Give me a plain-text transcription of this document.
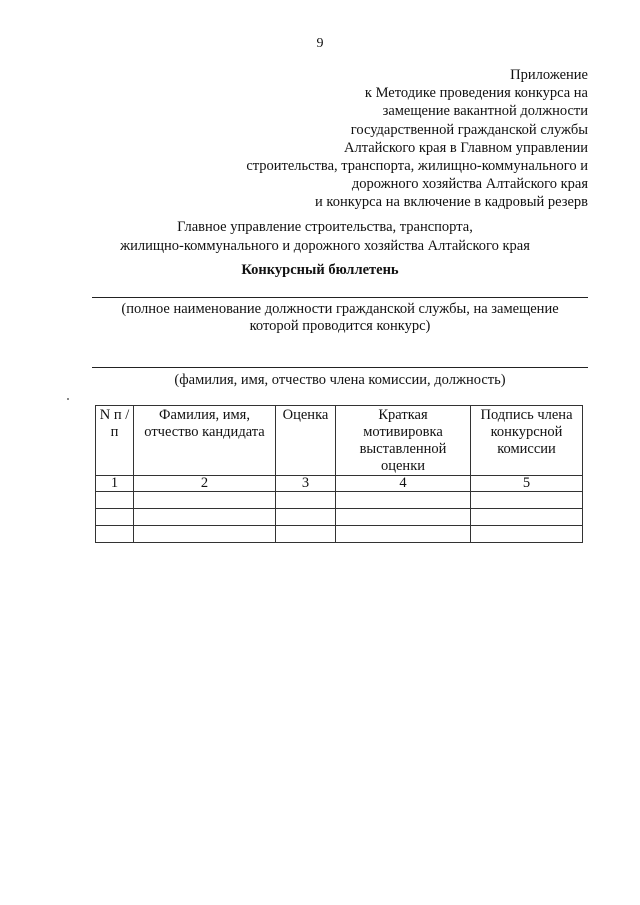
9
Приложение
к Методике проведения конкурса на
замещение вакантной должности
государственной гражданской службы
Алтайского края в Главном управлении
строительства, транспорта, жилищно-коммунального и
дорожного хозяйства Алтайского края
и конкурса на включение в кадровый резерв
Главное управление строительства, транспорта,
жилищно-коммунального и дорожного хозяйства Алтайского края
Конкурсный бюллетень
(полное наименование должности гражданской службы, на замещение
которой проводится конкурс)
(фамилия, имя, отчество члена комиссии, должность)
N п /п	Фамилия, имя, отчество кандидата	Оценка	Краткая мотивировка выставленной оценки	Подпись члена конкурсной комиссии
1	2	3	4	5
